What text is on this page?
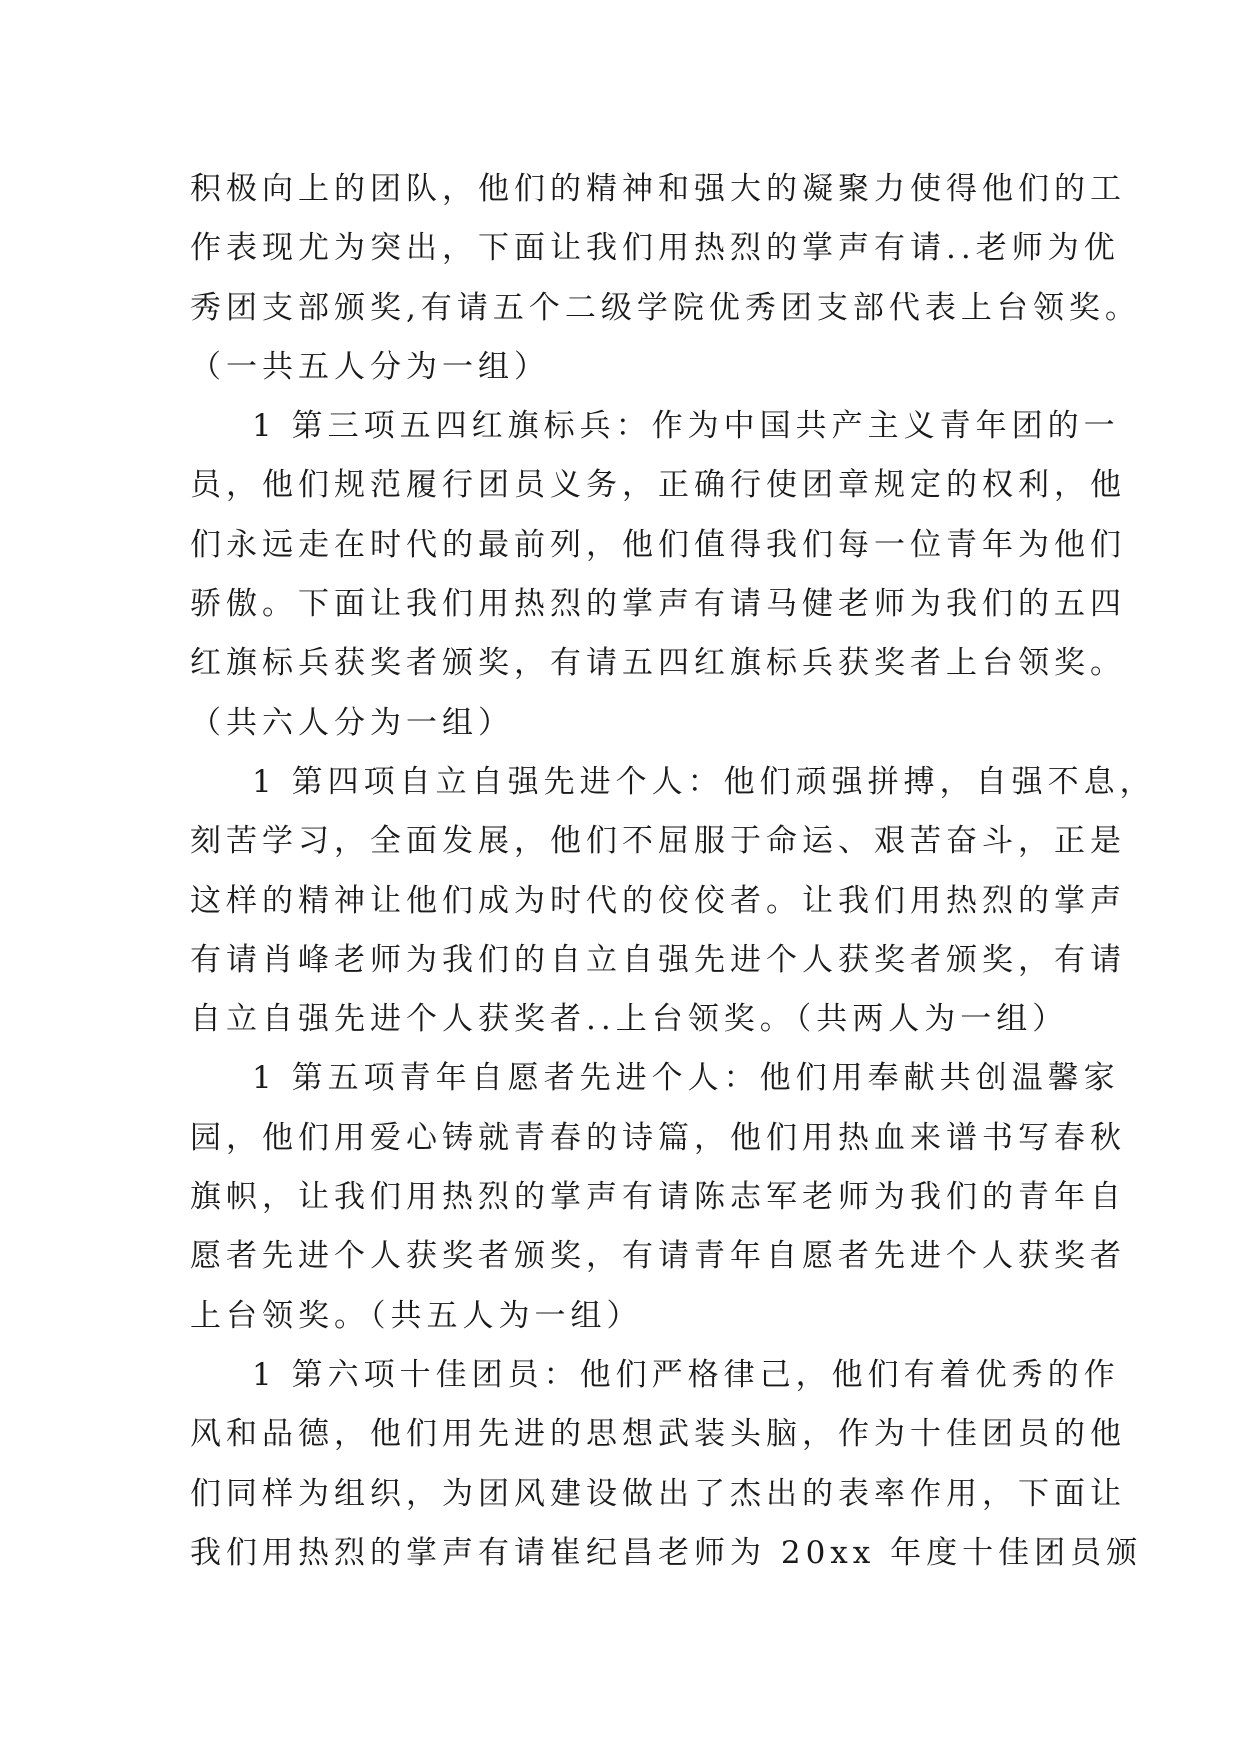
积极向上的团队，他们的精神和强大的凝聚力使得他们的工
作表现尤为突出，下面让我们用热烈的掌声有请..老师为优
秀团支部颁奖,有请五个二级学院优秀团支部代表上台领奖。
（一共五人分为一组）
1 第三项五四红旗标兵：作为中国共产主义青年团的一
员，他们规范履行团员义务，正确行使团章规定的权利，他
们永远走在时代的最前列，他们值得我们每一位青年为他们
骄傲。下面让我们用热烈的掌声有请马健老师为我们的五四
红旗标兵获奖者颁奖，有请五四红旗标兵获奖者上台领奖。
（共六人分为一组）
1 第四项自立自强先进个人：他们顽强拼搏，自强不息，
刻苦学习，全面发展，他们不屈服于命运、艰苦奋斗，正是
这样的精神让他们成为时代的佼佼者。让我们用热烈的掌声
有请肖峰老师为我们的自立自强先进个人获奖者颁奖，有请
自立自强先进个人获奖者..上台领奖。（共两人为一组）
1 第五项青年自愿者先进个人：他们用奉献共创温馨家
园，他们用爱心铸就青春的诗篇，他们用热血来谱书写春秋
旗帜，让我们用热烈的掌声有请陈志军老师为我们的青年自
愿者先进个人获奖者颁奖，有请青年自愿者先进个人获奖者
上台领奖。（共五人为一组）
1 第六项十佳团员：他们严格律己，他们有着优秀的作
风和品德，他们用先进的思想武装头脑，作为十佳团员的他
们同样为组织，为团风建设做出了杰出的表率作用，下面让
我们用热烈的掌声有请崔纪昌老师为 20xx 年度十佳团员颁
